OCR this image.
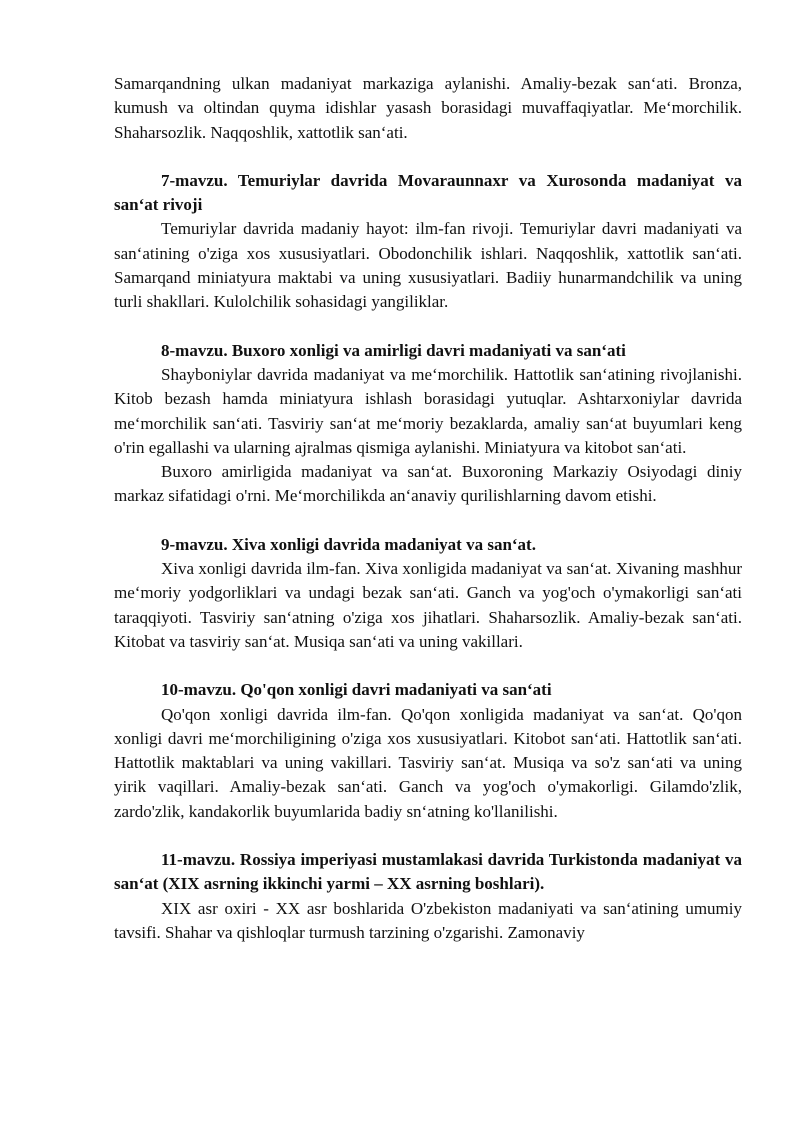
Samarqandning ulkan madaniyat markaziga aylanishi. Amaliy-bezak san‘ati. Bronza, kumush va oltindan quyma idishlar yasash borasidagi muvaffaqiyatlar. Me‘morchilik. Shaharsozlik. Naqqoshlik, xattotlik san‘ati.

7-mavzu. Temuriylar davrida Movaraunnaxr va Xurosonda madaniyat va san‘at rivoji

Temuriylar davrida madaniy hayot: ilm-fan rivoji. Temuriylar davri madaniyati va san‘atining o'ziga xos xususiyatlari. Obodonchilik ishlari. Naqqoshlik, xattotlik san‘ati. Samarqand miniatyura maktabi va uning xususiyatlari. Badiiy hunarmandchilik va uning turli shakllari. Kulolchilik sohasidagi yangiliklar.

8-mavzu. Buxoro xonligi va amirligi davri madaniyati va san‘ati

Shayboniylar davrida madaniyat va me‘morchilik. Hattotlik san‘atining rivojlanishi. Kitob bezash hamda miniatyura ishlash borasidagi yutuqlar. Ashtarxoniylar davrida me‘morchilik san‘ati. Tasviriy san‘at me‘moriy bezaklarda, amaliy san‘at buyumlari keng o'rin egallashi va ularning ajralmas qismiga aylanishi. Miniatyura va kitobot san‘ati.

Buxoro amirligida madaniyat va san‘at. Buxoroning Markaziy Osiyodagi diniy markaz sifatidagi o'rni. Me‘morchilikda an‘anaviy qurilishlarning davom etishi.

9-mavzu. Xiva xonligi davrida madaniyat va san‘at.

Xiva xonligi davrida ilm-fan. Xiva xonligida madaniyat va san‘at. Xivaning mashhur me‘moriy yodgorliklari va undagi bezak san‘ati. Ganch va yog'och o'ymakorligi san‘ati taraqqiyoti. Tasviriy san‘atning o'ziga xos jihatlari. Shaharsozlik. Amaliy-bezak san‘ati. Kitobat va tasviriy san‘at. Musiqa san‘ati va uning vakillari.

10-mavzu. Qo'qon xonligi davri madaniyati va san‘ati

Qo'qon xonligi davrida ilm-fan. Qo'qon xonligida madaniyat va san‘at. Qo'qon xonligi davri me‘morchiligining o'ziga xos xususiyatlari. Kitobot san‘ati. Hattotlik san‘ati. Hattotlik maktablari va uning vakillari. Tasviriy san‘at. Musiqa va so'z san‘ati va uning yirik vaqillari. Amaliy-bezak san‘ati. Ganch va yog'och o'ymakorligi. Gilamdo'zlik, zardo'zlik, kandakorlik buyumlarida badiy sn‘atning ko'llanilishi.

11-mavzu. Rossiya imperiyasi mustamlakasi davrida Turkistonda madaniyat va san‘at (XIX asrning ikkinchi yarmi – XX asrning boshlari).

XIX asr oxiri - XX asr boshlarida O'zbekiston madaniyati va san‘atining umumiy tavsifi. Shahar va qishloqlar turmush tarzining o'zgarishi. Zamonaviy
